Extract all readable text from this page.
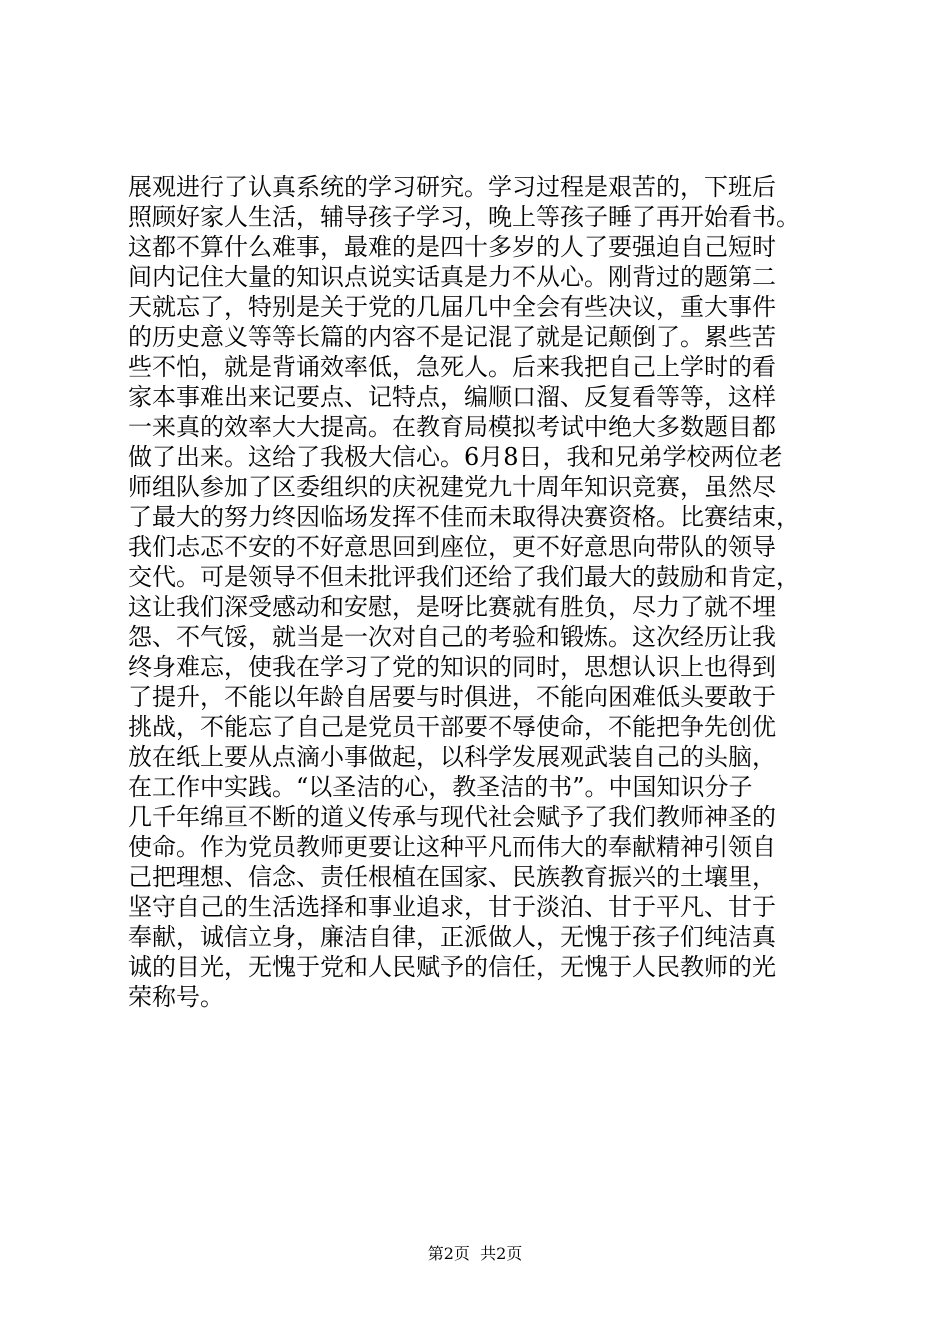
展观进行了认真系统的学习研究。学习过程是艰苦的，下班后
照顾好家人生活，辅导孩子学习，晚上等孩子睡了再开始看书。
这都不算什么难事，最难的是四十多岁的人了要强迫自己短时
间内记住大量的知识点说实话真是力不从心。刚背过的题第二
天就忘了，特别是关于党的几届几中全会有些决议，重大事件
的历史意义等等长篇的内容不是记混了就是记颠倒了。累些苦
些不怕，就是背诵效率低，急死人。后来我把自己上学时的看
家本事难出来记要点、记特点，编顺口溜、反复看等等，这样
一来真的效率大大提高。在教育局模拟考试中绝大多数题目都
做了出来。这给了我极大信心。6月8日，我和兄弟学校两位老
师组队参加了区委组织的庆祝建党九十周年知识竞赛，虽然尽
了最大的努力终因临场发挥不佳而未取得决赛资格。比赛结束，
我们忐忑不安的不好意思回到座位，更不好意思向带队的领导
交代。可是领导不但未批评我们还给了我们最大的鼓励和肯定，
这让我们深受感动和安慰，是呀比赛就有胜负，尽力了就不埋
怨、不气馁，就当是一次对自己的考验和锻炼。这次经历让我
终身难忘，使我在学习了党的知识的同时，思想认识上也得到
了提升，不能以年龄自居要与时俱进，不能向困难低头要敢于
挑战，不能忘了自己是党员干部要不辱使命，不能把争先创优
放在纸上要从点滴小事做起，以科学发展观武装自己的头脑，
在工作中实践。“以圣洁的心，教圣洁的书”。中国知识分子
几千年绵亘不断的道义传承与现代社会赋予了我们教师神圣的
使命。作为党员教师更要让这种平凡而伟大的奉献精神引领自
己把理想、信念、责任根植在国家、民族教育振兴的土壤里，
坚守自己的生活选择和事业追求，甘于淡泊、甘于平凡、甘于
奉献，诚信立身，廉洁自律，正派做人，无愧于孩子们纯洁真
诚的目光，无愧于党和人民赋予的信任，无愧于人民教师的光
荣称号。
第2页  共2页
